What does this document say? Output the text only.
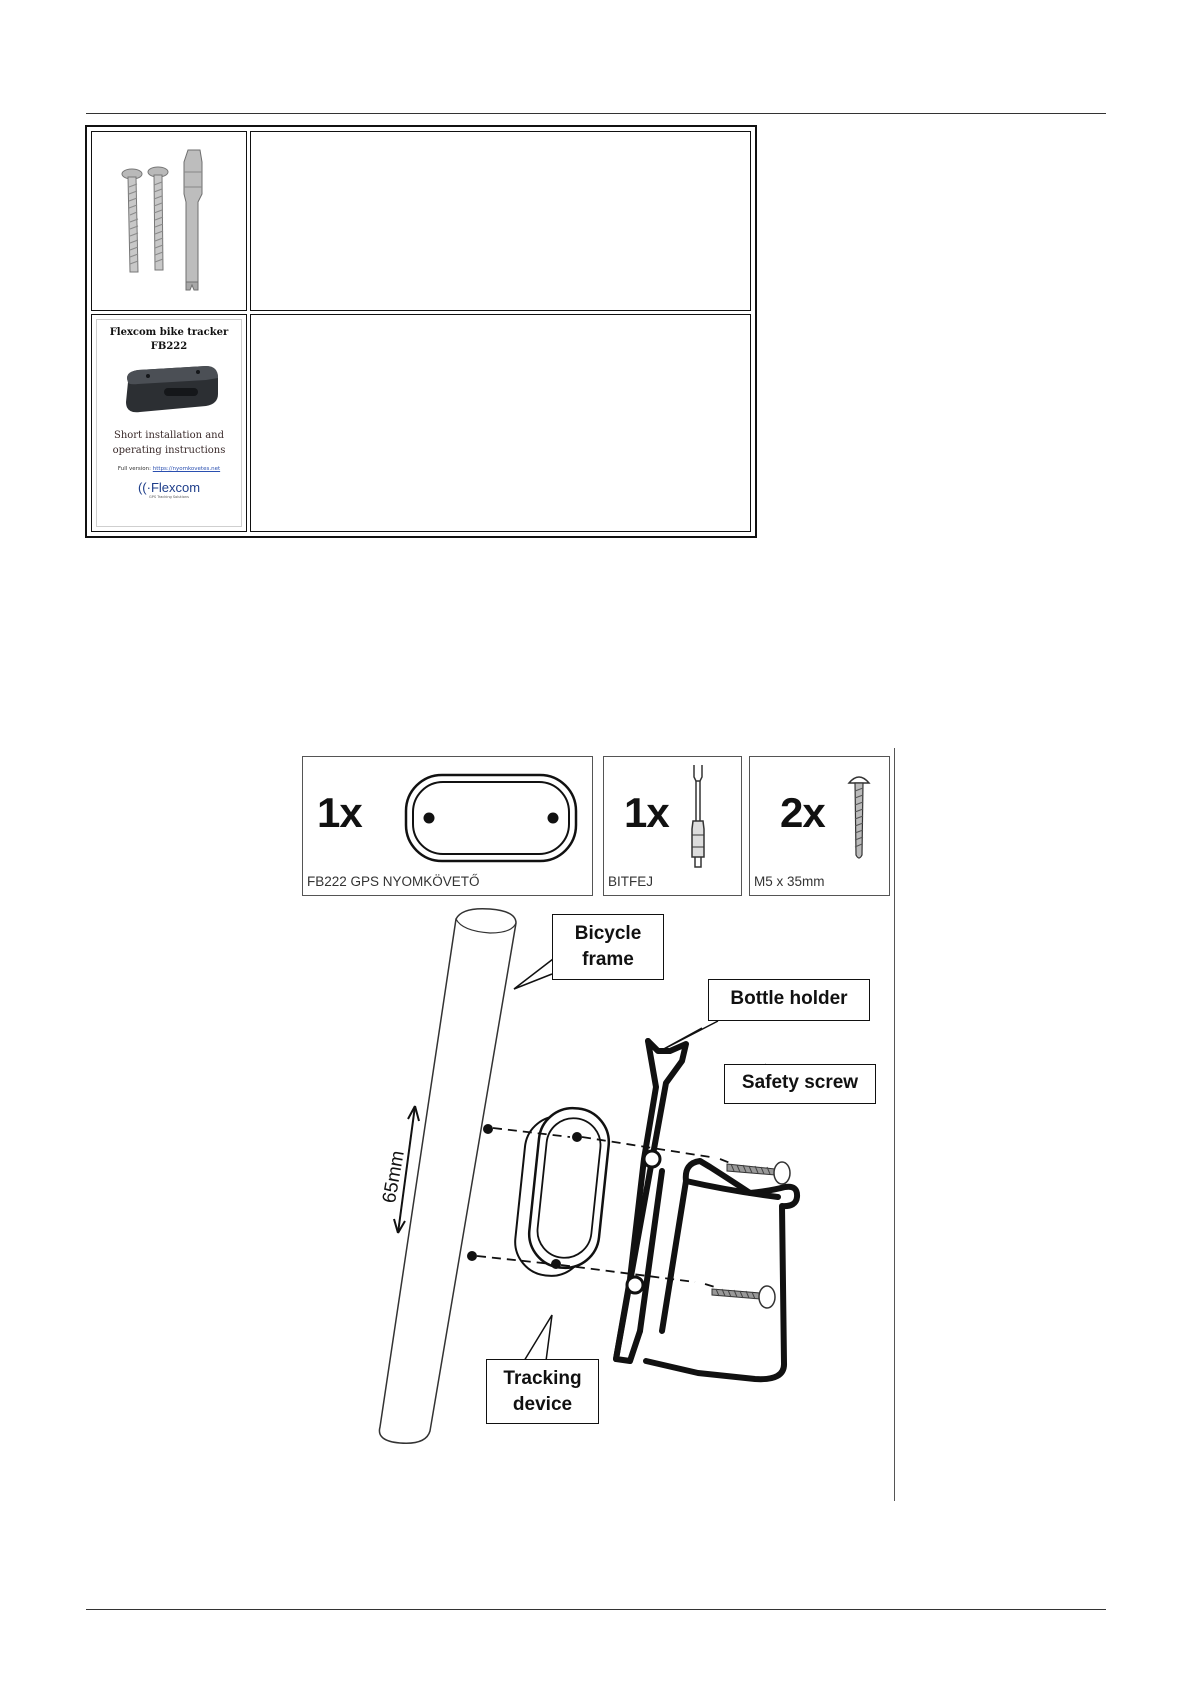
Flexcom bike tracker
FB222
Short installation and operating instructions
Full version: https://nyomkovetes.net
((·Flexcom
GPS Tracking Solutions
1x
FB222 GPS NYOMKÖVETŐ
1x
BITFEJ
2x
M5 x 35mm
Bicycle frame
Bottle holder
Safety screw
Tracking device
65mm
